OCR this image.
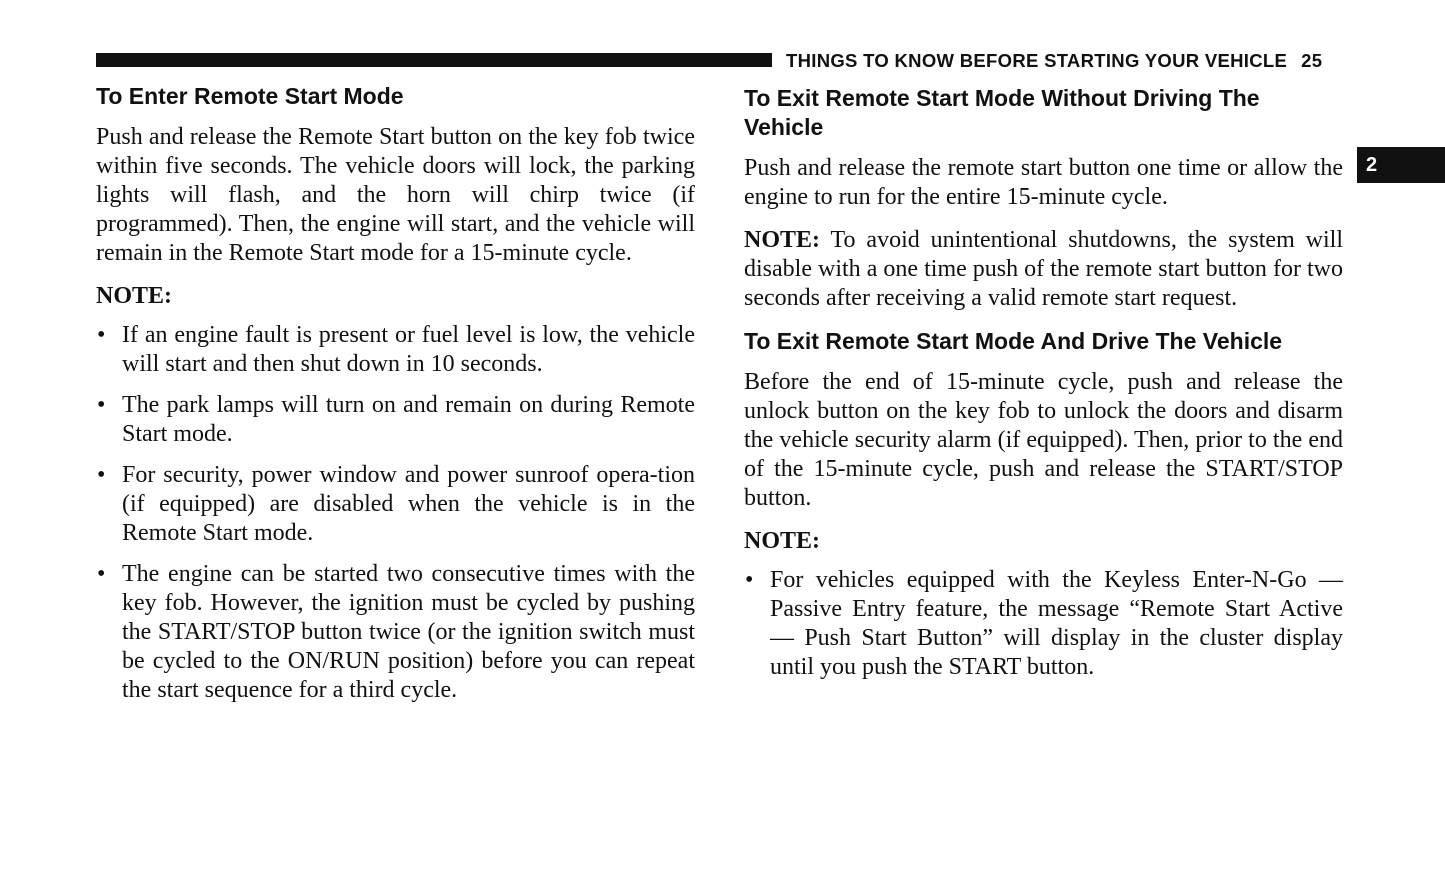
THINGS TO KNOW BEFORE STARTING YOUR VEHICLE 25
2
To Enter Remote Start Mode

Push and release the Remote Start button on the key fob twice within five seconds. The vehicle doors will lock, the parking lights will flash, and the horn will chirp twice (if programmed). Then, the engine will start, and the vehicle will remain in the Remote Start mode for a 15-minute cycle.

NOTE:

• If an engine fault is present or fuel level is low, the vehicle will start and then shut down in 10 seconds.
• The park lamps will turn on and remain on during Remote Start mode.
• For security, power window and power sunroof opera-tion (if equipped) are disabled when the vehicle is in the Remote Start mode.
• The engine can be started two consecutive times with the key fob. However, the ignition must be cycled by pushing the START/STOP button twice (or the ignition switch must be cycled to the ON/RUN position) before you can repeat the start sequence for a third cycle.
To Exit Remote Start Mode Without Driving The Vehicle

Push and release the remote start button one time or allow the engine to run for the entire 15-minute cycle.

NOTE: To avoid unintentional shutdowns, the system will disable with a one time push of the remote start button for two seconds after receiving a valid remote start request.

To Exit Remote Start Mode And Drive The Vehicle

Before the end of 15-minute cycle, push and release the unlock button on the key fob to unlock the doors and disarm the vehicle security alarm (if equipped). Then, prior to the end of the 15-minute cycle, push and release the START/STOP button.

NOTE:

• For vehicles equipped with the Keyless Enter-N-Go — Passive Entry feature, the message “Remote Start Active — Push Start Button” will display in the cluster display until you push the START button.
